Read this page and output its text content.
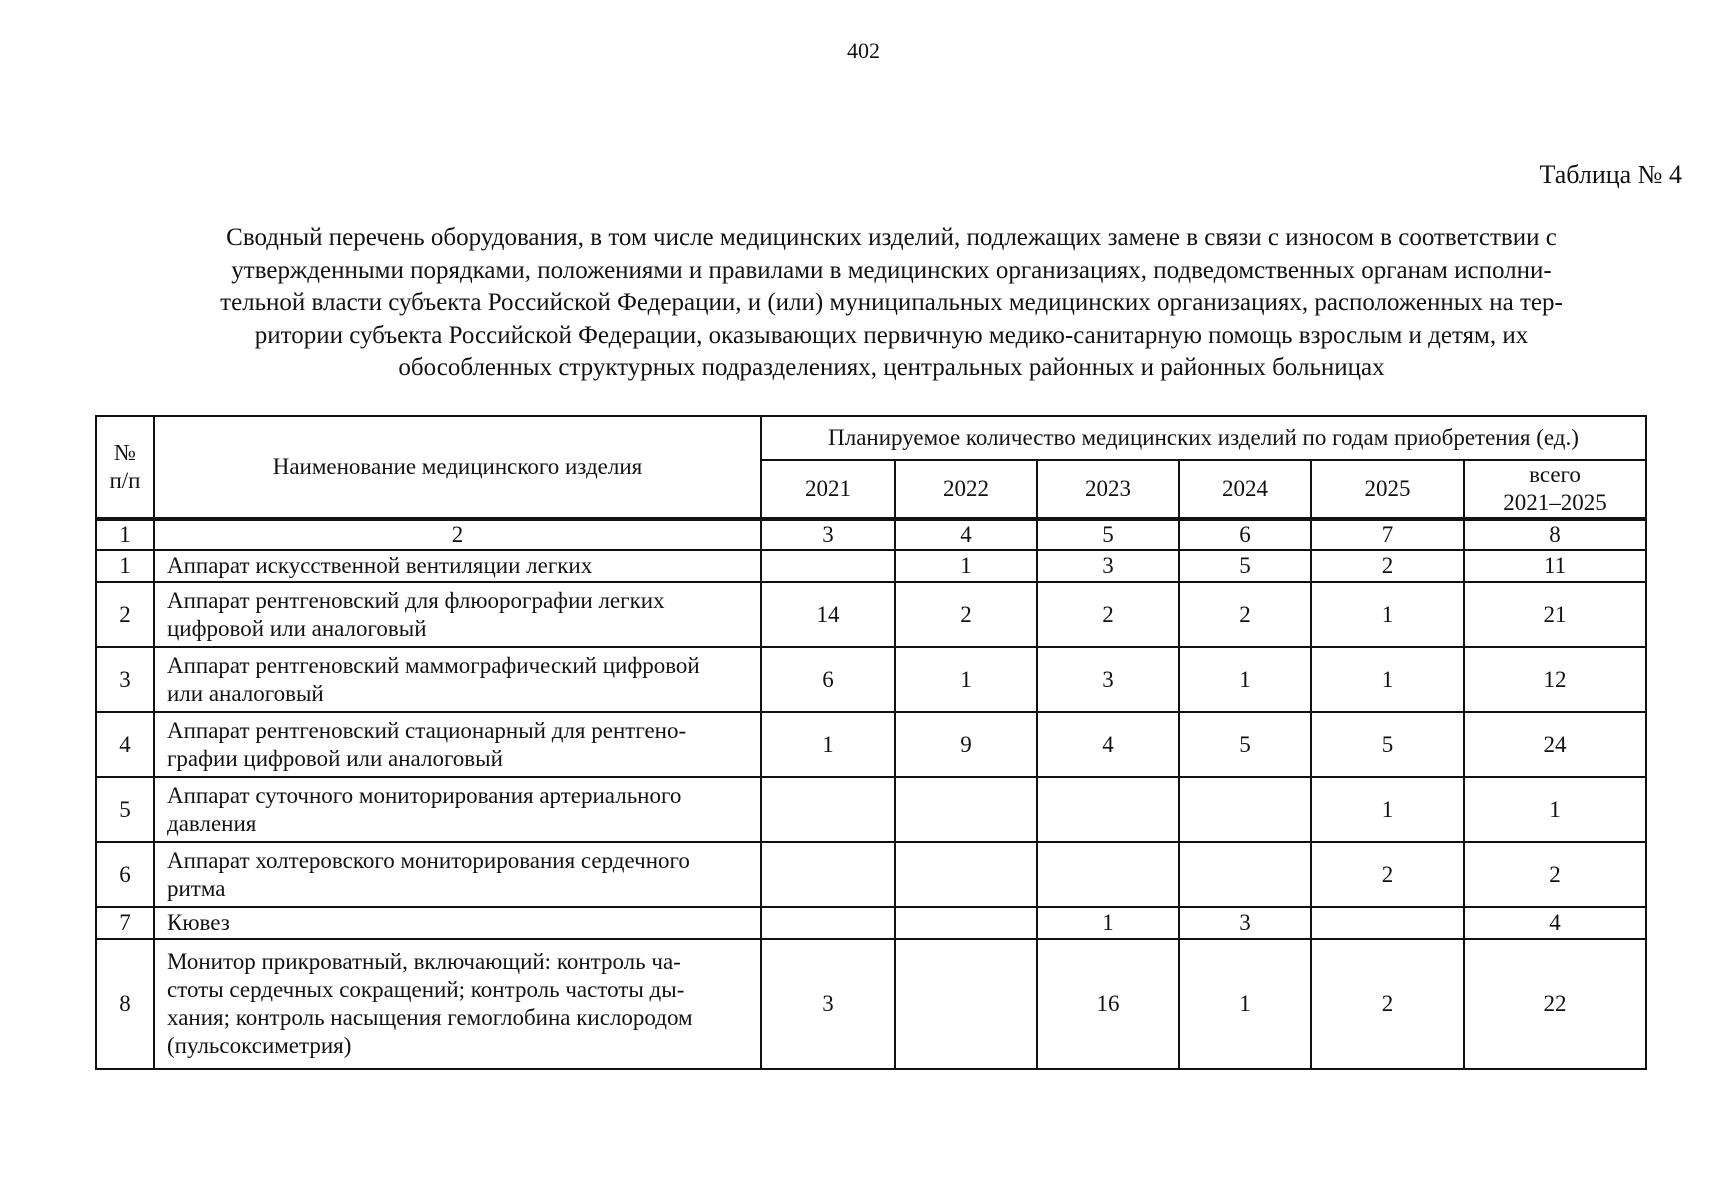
402
Таблица № 4
Сводный перечень оборудования, в том числе медицинских изделий, подлежащих замене в связи с износом в соответствии с
утвержденными порядками, положениями и правилами в медицинских организациях, подведомственных органам исполни-
тельной власти субъекта Российской Федерации, и (или) муниципальных медицинских организациях, расположенных на тер-
ритории субъекта Российской Федерации, оказывающих первичную медико-санитарную помощь взрослым и детям, их
обособленных структурных подразделениях, центральных районных и районных больницах
№
п/п	Наименование медицинского изделия	Планируемое количество медицинских изделий по годам приобретения (ед.)					
		2021	2022	2023	2024	2025	всего
2021–2025

1	2	3	4	5	6	7	8
1	Аппарат искусственной вентиляции легких		1	3	5	2	11
2	Аппарат рентгеновский для флюорографии легких
цифровой или аналоговый	14	2	2	2	1	21
3	Аппарат рентгеновский маммографический цифровой
или аналоговый	6	1	3	1	1	12
4	Аппарат рентгеновский стационарный для рентгено-
графии цифровой или аналоговый	1	9	4	5	5	24
5	Аппарат суточного мониторирования артериального
давления					1	1
6	Аппарат холтеровского мониторирования сердечного
ритма					2	2
7	Кювез			1	3		4
8	Монитор прикроватный, включающий: контроль ча-
стоты сердечных сокращений; контроль частоты ды-
хания; контроль насыщения гемоглобина кислородом
(пульсоксиметрия)	3		16	1	2	22
